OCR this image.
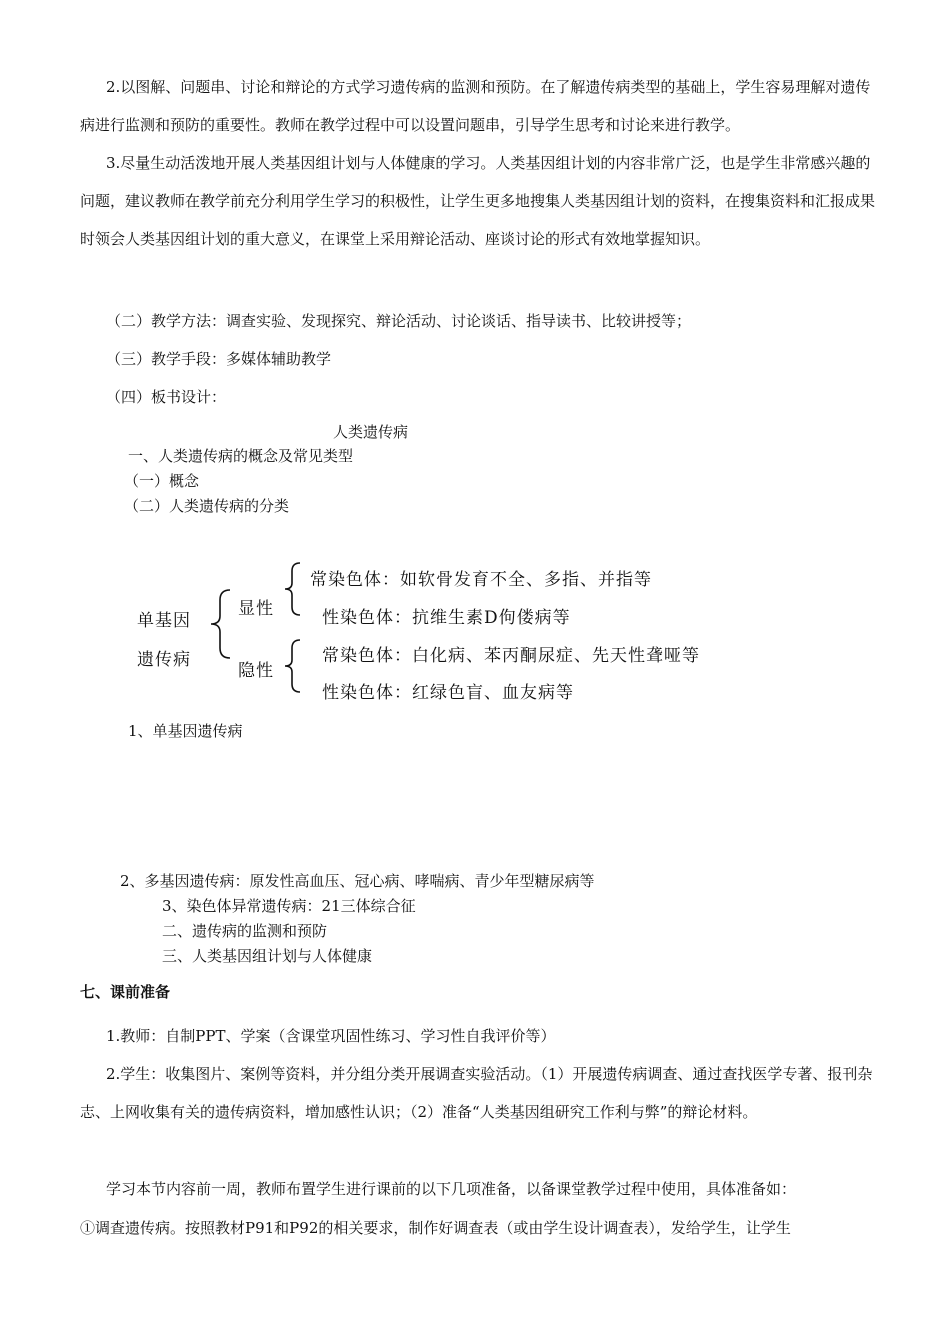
2.以图解、问题串、讨论和辩论的方式学习遗传病的监测和预防。在了解遗传病类型的基础上，学生容易理解对遗传病进行监测和预防的重要性。教师在教学过程中可以设置问题串，引导学生思考和讨论来进行教学。
3.尽量生动活泼地开展人类基因组计划与人体健康的学习。人类基因组计划的内容非常广泛，也是学生非常感兴趣的问题，建议教师在教学前充分利用学生学习的积极性，让学生更多地搜集人类基因组计划的资料，在搜集资料和汇报成果时领会人类基因组计划的重大意义，在课堂上采用辩论活动、座谈讨论的形式有效地掌握知识。
（二）教学方法：调查实验、发现探究、辩论活动、讨论谈话、指导读书、比较讲授等；
（三）教学手段：多媒体辅助教学
（四）板书设计：
人类遗传病
一、人类遗传病的概念及常见类型
（一）概念
（二）人类遗传病的分类
单基因
遗传病
显性
隐性
常染色体：如软骨发育不全、多指、并指等
性染色体：抗维生素D佝偻病等
常染色体：白化病、苯丙酮尿症、先天性聋哑等
性染色体：红绿色盲、血友病等
1、单基因遗传病
2、多基因遗传病：原发性高血压、冠心病、哮喘病、青少年型糖尿病等
3、染色体异常遗传病：21三体综合征
二、遗传病的监测和预防
三、人类基因组计划与人体健康
七、课前准备
1.教师：自制PPT、学案（含课堂巩固性练习、学习性自我评价等）
2.学生：收集图片、案例等资料，并分组分类开展调查实验活动。（1）开展遗传病调查、通过查找医学专著、报刊杂志、上网收集有关的遗传病资料，增加感性认识；（2）准备“人类基因组研究工作利与弊”的辩论材料。
学习本节内容前一周，教师布置学生进行课前的以下几项准备，以备课堂教学过程中使用，具体准备如：
①调查遗传病。按照教材P91和P92的相关要求，制作好调查表（或由学生设计调查表），发给学生，让学生
